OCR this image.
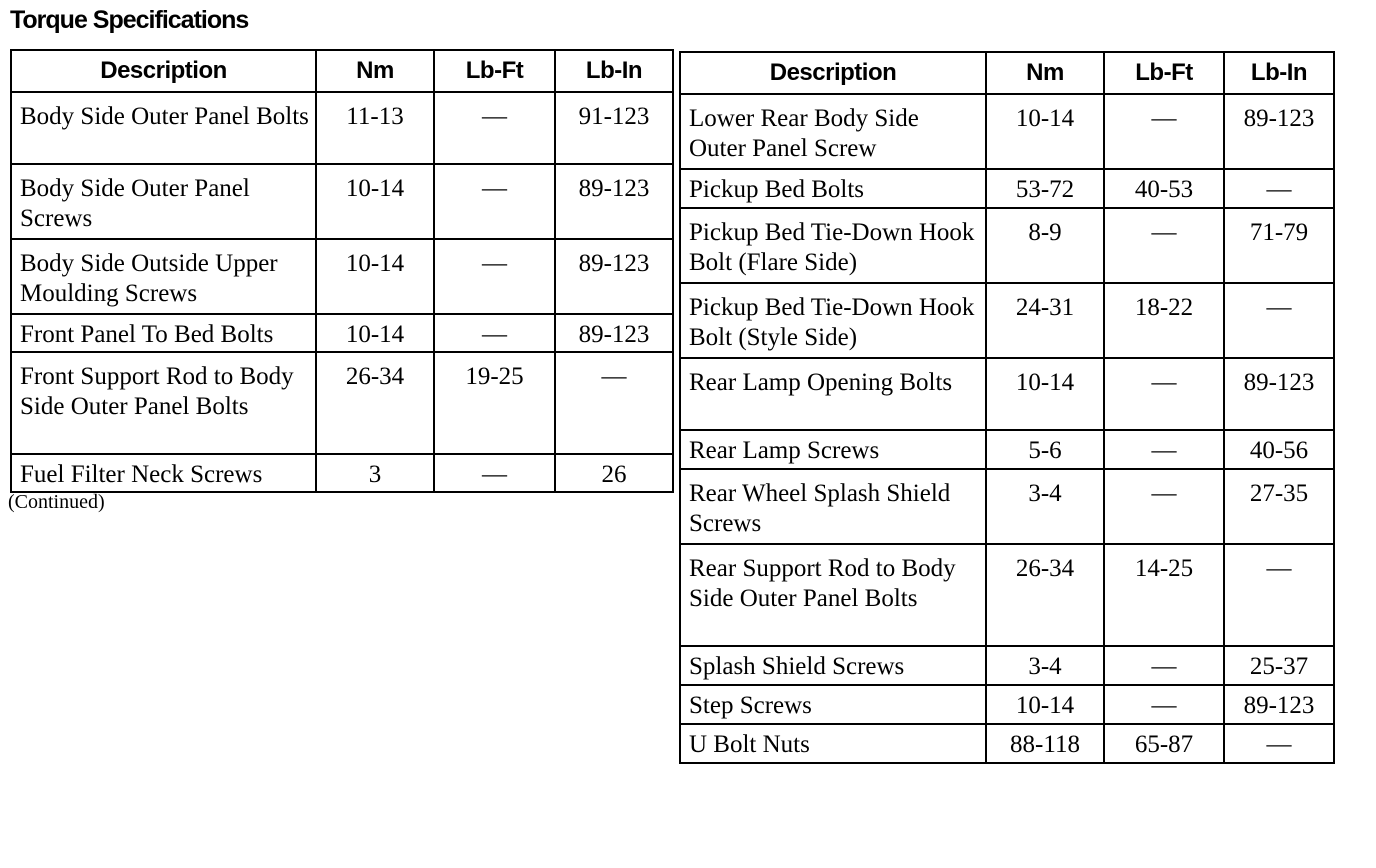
Torque Specifications
Description	Nm	Lb-Ft	Lb-In
Body Side Outer Panel Bolts	11-13	—	91-123
Body Side Outer Panel Screws	10-14	—	89-123
Body Side Outside Upper Moulding Screws	10-14	—	89-123
Front Panel To Bed Bolts	10-14	—	89-123
Front Support Rod to Body Side Outer Panel Bolts	26-34	19-25	—
Fuel Filter Neck Screws	3	—	26
(Continued)
Description	Nm	Lb-Ft	Lb-In
Lower Rear Body Side Outer Panel Screw	10-14	—	89-123
Pickup Bed Bolts	53-72	40-53	—
Pickup Bed Tie-Down Hook Bolt (Flare Side)	8-9	—	71-79
Pickup Bed Tie-Down Hook Bolt (Style Side)	24-31	18-22	—
Rear Lamp Opening Bolts	10-14	—	89-123
Rear Lamp Screws	5-6	—	40-56
Rear Wheel Splash Shield Screws	3-4	—	27-35
Rear Support Rod to Body Side Outer Panel Bolts	26-34	14-25	—
Splash Shield Screws	3-4	—	25-37
Step Screws	10-14	—	89-123
U Bolt Nuts	88-118	65-87	—
